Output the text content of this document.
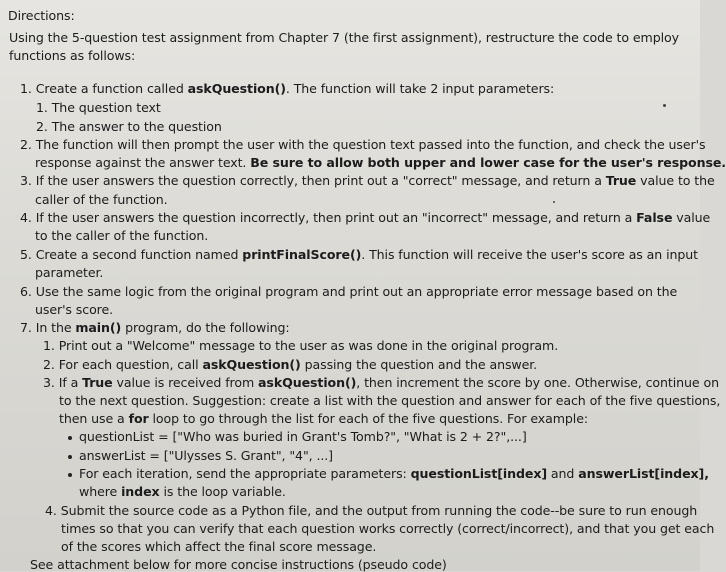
Directions:
Using the 5-question test assignment from Chapter 7 (the first assignment), restructure the code to employ
functions as follows:
1. Create a function called askQuestion(). The function will take 2 input parameters:
1. The question text
2. The answer to the question
2. The function will then prompt the user with the question text passed into the function, and check the user's
response against the answer text. Be sure to allow both upper and lower case for the user's response.
3. If the user answers the question correctly, then print out a "correct" message, and return a True value to the
caller of the function.
4. If the user answers the question incorrectly, then print out an "incorrect" message, and return a False value
to the caller of the function.
5. Create a second function named printFinalScore(). This function will receive the user's score as an input
parameter.
6. Use the same logic from the original program and print out an appropriate error message based on the
user's score.
7. In the main() program, do the following:
1. Print out a "Welcome" message to the user as was done in the original program.
2. For each question, call askQuestion() passing the question and the answer.
3. If a True value is received from askQuestion(), then increment the score by one. Otherwise, continue on
to the next question. Suggestion: create a list with the question and answer for each of the five questions,
then use a for loop to go through the list for each of the five questions. For example:
questionList = ["Who was buried in Grant's Tomb?", "What is 2 + 2?",...]
answerList = ["Ulysses S. Grant", "4", ...]
For each iteration, send the appropriate parameters: questionList[index] and answerList[index],
where index is the loop variable.
4. Submit the source code as a Python file, and the output from running the code--be sure to run enough
times so that you can verify that each question works correctly (correct/incorrect), and that you get each
of the scores which affect the final score message.
See attachment below for more concise instructions (pseudo code)
